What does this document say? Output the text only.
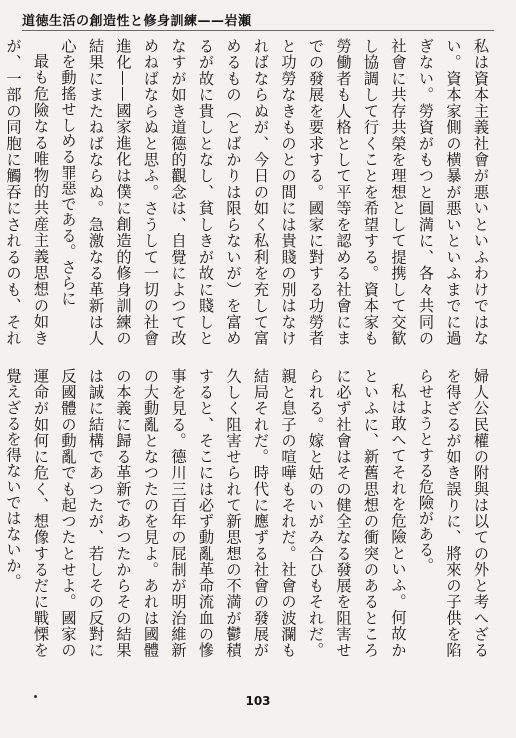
道徳生活の創造性と修身訓練——岩瀬

私は資本主義社會が悪いといふわけではない。資本家側の横暴が悪いといふまでに過ぎない。勞資がもつと圓満に、各々共同の社會に共存共榮を理想として提携して交歓し協調して行くことを希望する。資本家も勞働者も人格として平等を認める社會にまでの發展を要求する。國家に對する功勞者と功勞なきものとの間には貴賤の別はなければならぬが、今日の如く私利を充して富めるもの（とばかりは限らないが）を富めるが故に貴しとなし、貧しきが故に賤しとなすが如き道德的觀念は、自覺によつて改めねばならぬと思ふ。さうして一切の社會進化——國家進化は僕に創造的修身訓練の結果にまたねばならぬ。急激なる革新は人心を動搖せしめる罪惡である。さらに

最も危險なる唯物的共産主義思想の如きが、一部の同胞に觸吞にされるのも、それ

婦人公民權の附與は以ての外と考へざるを得ざるが如き誤りに、將來の子供を陷らせようとする危險がある。

私は敢へてそれを危險といふ。何故かといふに、新舊思想の衝突のあるところに必ず社會はその健全なる發展を阻害せられる。嫁と姑のいがみ合ひもそれだ。親と息子の喧嘩もそれだ。社會の波瀾も結局それだ。時代に應ずる社會の發展が久しく阻害せられて新思想の不満が鬱積すると、そこには必ず動亂革命流血の慘事を見る。德川三百年の屁制が明治維新の大動亂となつたのを見よ。あれは國體の本義に歸る革新であつたからその結果は誠に結構であつたが、若しその反對に反國體の動亂でも起つたとせよ。國家の運命が如何に危く、想像するだに戰慄を覺えざるを得ないではないか。

103
